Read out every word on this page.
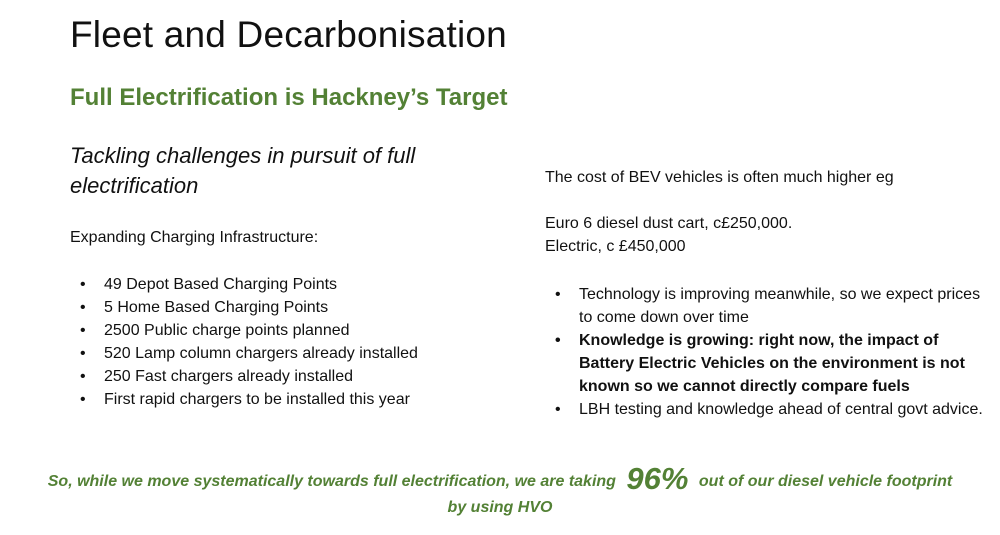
Fleet and Decarbonisation
Full Electrification is Hackney’s Target
Tackling challenges in pursuit of full electrification
Expanding Charging Infrastructure:
• 49 Depot Based Charging Points
• 5 Home Based Charging Points
• 2500 Public charge points planned
• 520 Lamp column chargers already installed
• 250 Fast chargers already installed
• First rapid chargers to be installed this year
The cost of BEV vehicles is often much higher eg
Euro 6 diesel dust cart, c£250,000.
Electric, c £450,000
• Technology is improving meanwhile, so we expect prices to come down over time
• Knowledge is growing: right now, the impact of Battery Electric Vehicles on the environment is not known so we cannot directly compare fuels
• LBH testing and knowledge ahead of central govt advice.
So, while we move systematically towards full electrification, we are taking 96% out of our diesel vehicle footprint by using HVO
